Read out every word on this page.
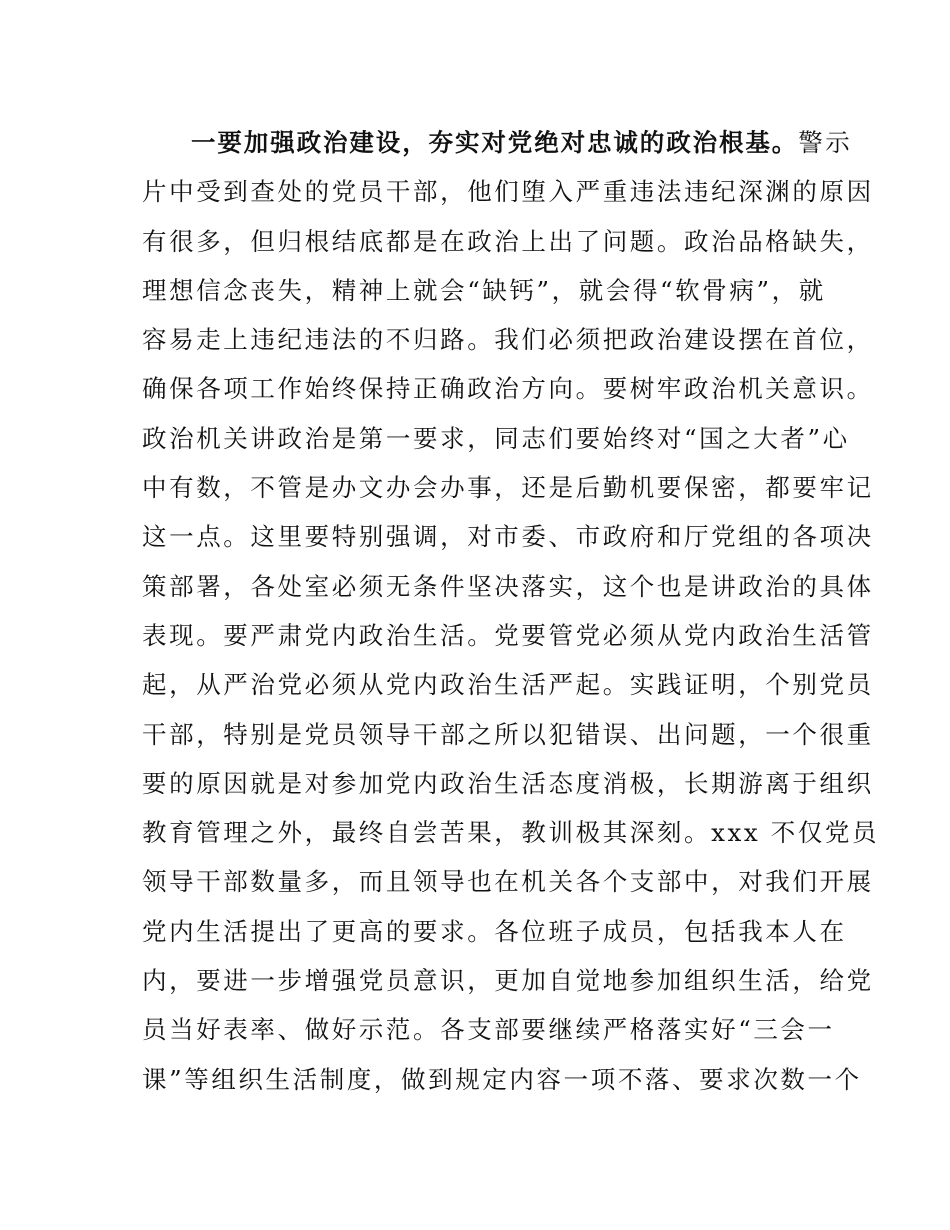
一要加强政治建设，夯实对党绝对忠诚的政治根基。警示
片中受到查处的党员干部，他们堕入严重违法违纪深渊的原因
有很多，但归根结底都是在政治上出了问题。政治品格缺失，
理想信念丧失，精神上就会“缺钙”，就会得“软骨病”，就
容易走上违纪违法的不归路。我们必须把政治建设摆在首位，
确保各项工作始终保持正确政治方向。要树牢政治机关意识。
政治机关讲政治是第一要求，同志们要始终对“国之大者”心
中有数，不管是办文办会办事，还是后勤机要保密，都要牢记
这一点。这里要特别强调，对市委、市政府和厅党组的各项决
策部署，各处室必须无条件坚决落实，这个也是讲政治的具体
表现。要严肃党内政治生活。党要管党必须从党内政治生活管
起，从严治党必须从党内政治生活严起。实践证明，个别党员
干部，特别是党员领导干部之所以犯错误、出问题，一个很重
要的原因就是对参加党内政治生活态度消极，长期游离于组织
教育管理之外，最终自尝苦果，教训极其深刻。xxx 不仅党员
领导干部数量多，而且领导也在机关各个支部中，对我们开展
党内生活提出了更高的要求。各位班子成员，包括我本人在
内，要进一步增强党员意识，更加自觉地参加组织生活，给党
员当好表率、做好示范。各支部要继续严格落实好“三会一
课”等组织生活制度，做到规定内容一项不落、要求次数一个
